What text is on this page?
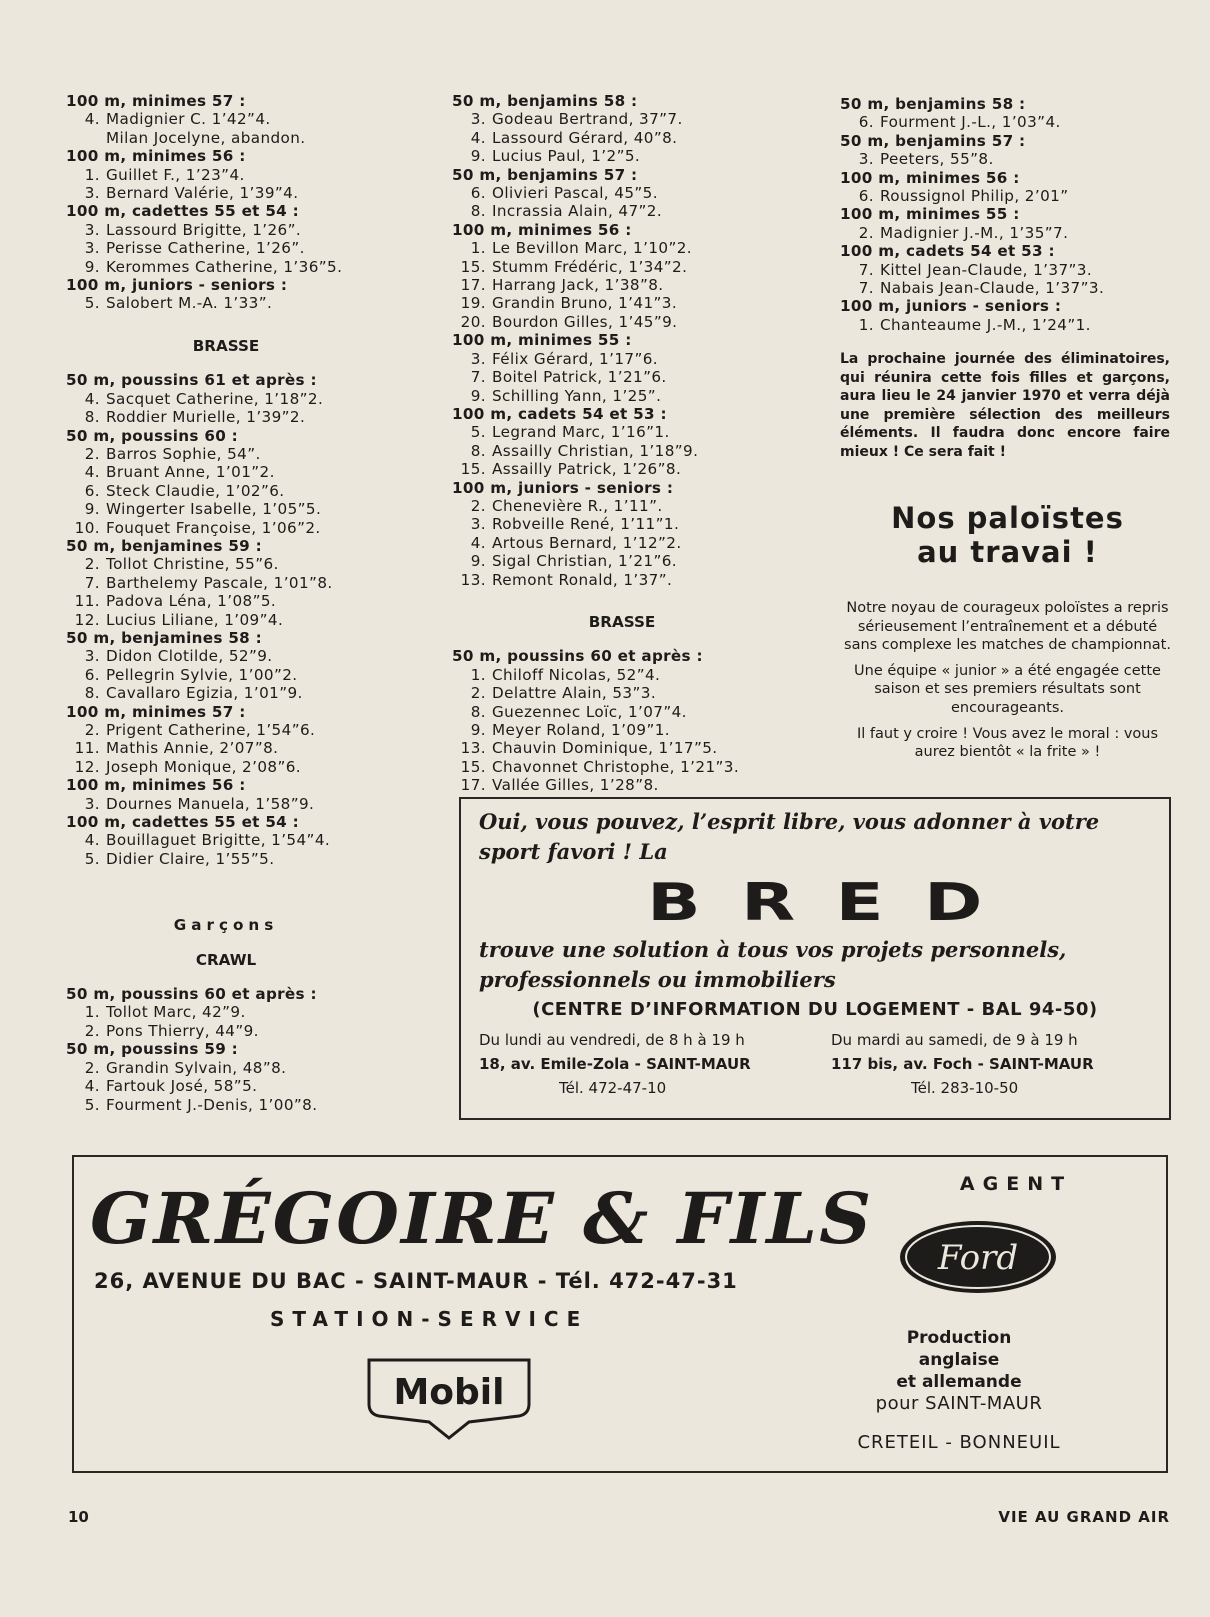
100 m, minimes 57 :
4. Madignier C. 1’42”4.
Milan Jocelyne, abandon.
100 m, minimes 56 :
1. Guillet F., 1’23”4.
3. Bernard Valérie, 1’39”4.
100 m, cadettes 55 et 54 :
3. Lassourd Brigitte, 1’26”.
3. Perisse Catherine, 1’26”.
9. Kerommes Catherine, 1’36”5.
100 m, juniors - seniors :
5. Salobert M.-A. 1’33”.
BRASSE
50 m, poussins 61 et après :
4. Sacquet Catherine, 1’18”2.
8. Roddier Murielle, 1’39”2.
50 m, poussins 60 :
2. Barros Sophie, 54”.
4. Bruant Anne, 1’01”2.
6. Steck Claudie, 1’02”6.
9. Wingerter Isabelle, 1’05”5.
10. Fouquet Françoise, 1’06”2.
50 m, benjamines 59 :
2. Tollot Christine, 55”6.
7. Barthelemy Pascale, 1’01”8.
11. Padova Léna, 1’08”5.
12. Lucius Liliane, 1’09”4.
50 m, benjamines 58 :
3. Didon Clotilde, 52”9.
6. Pellegrin Sylvie, 1’00”2.
8. Cavallaro Egizia, 1’01”9.
100 m, minimes 57 :
2. Prigent Catherine, 1’54”6.
11. Mathis Annie, 2’07”8.
12. Joseph Monique, 2’08”6.
100 m, minimes 56 :
3. Dournes Manuela, 1’58”9.
100 m, cadettes 55 et 54 :
4. Bouillaguet Brigitte, 1’54”4.
5. Didier Claire, 1’55”5.
Garçons
CRAWL
50 m, poussins 60 et après :
1. Tollot Marc, 42”9.
2. Pons Thierry, 44”9.
50 m, poussins 59 :
2. Grandin Sylvain, 48”8.
4. Fartouk José, 58”5.
5. Fourment J.-Denis, 1’00”8.
50 m, benjamins 58 :
3. Godeau Bertrand, 37”7.
4. Lassourd Gérard, 40”8.
9. Lucius Paul, 1’2”5.
50 m, benjamins 57 :
6. Olivieri Pascal, 45”5.
8. Incrassia Alain, 47”2.
100 m, minimes 56 :
1. Le Bevillon Marc, 1’10”2.
15. Stumm Frédéric, 1’34”2.
17. Harrang Jack, 1’38”8.
19. Grandin Bruno, 1’41”3.
20. Bourdon Gilles, 1’45”9.
100 m, minimes 55 :
3. Félix Gérard, 1’17”6.
7. Boitel Patrick, 1’21”6.
9. Schilling Yann, 1’25”.
100 m, cadets 54 et 53 :
5. Legrand Marc, 1’16”1.
8. Assailly Christian, 1’18”9.
15. Assailly Patrick, 1’26”8.
100 m, juniors - seniors :
2. Chenevière R., 1’11”.
3. Robveille René, 1’11”1.
4. Artous Bernard, 1’12”2.
9. Sigal Christian, 1’21”6.
13. Remont Ronald, 1’37”.
BRASSE
50 m, poussins 60 et après :
1. Chiloff Nicolas, 52”4.
2. Delattre Alain, 53”3.
8. Guezennec Loïc, 1’07”4.
9. Meyer Roland, 1’09”1.
13. Chauvin Dominique, 1’17”5.
15. Chavonnet Christophe, 1’21”3.
17. Vallée Gilles, 1’28”8.
50 m, benjamins 58 :
6. Fourment J.-L., 1’03”4.
50 m, benjamins 57 :
3. Peeters, 55”8.
100 m, minimes 56 :
6. Roussignol Philip, 2’01”
100 m, minimes 55 :
2. Madignier J.-M., 1’35”7.
100 m, cadets 54 et 53 :
7. Kittel Jean-Claude, 1’37”3.
7. Nabais Jean-Claude, 1’37”3.
100 m, juniors - seniors :
1. Chanteaume J.-M., 1’24”1.
La prochaine journée des éliminatoires, qui réunira cette fois filles et garçons, aura lieu le 24 janvier 1970 et verra déjà une première sélection des meilleurs éléments. Il faudra donc encore faire mieux ! Ce sera fait !
Nos paloïstes
au travai !
Notre noyau de courageux poloïstes a repris sérieusement l’entraînement et a débuté sans complexe les matches de championnat.
Une équipe « junior » a été engagée cette saison et ses premiers résultats sont encourageants.
Il faut y croire ! Vous avez le moral : vous aurez bientôt « la frite » !
Oui, vous pouvez, l’esprit libre, vous adonner à votre sport favori ! La
BRED
trouve une solution à tous vos projets personnels, professionnels ou immobiliers
(CENTRE D’INFORMATION DU LOGEMENT - BAL 94-50)
Du lundi au vendredi, de 8 h à 19 h
18, av. Emile-Zola - SAINT-MAUR
Tél. 472-47-10
Du mardi au samedi, de 9 à 19 h
117 bis, av. Foch - SAINT-MAUR
Tél. 283-10-50
GRÉGOIRE & FILS
26, AVENUE DU BAC - SAINT-MAUR - Tél. 472-47-31
STATION-SERVICE
Mobil
AGENT
Ford
Production anglaise
et allemande
pour SAINT-MAUR
CRETEIL - BONNEUIL
10	VIE AU GRAND AIR
